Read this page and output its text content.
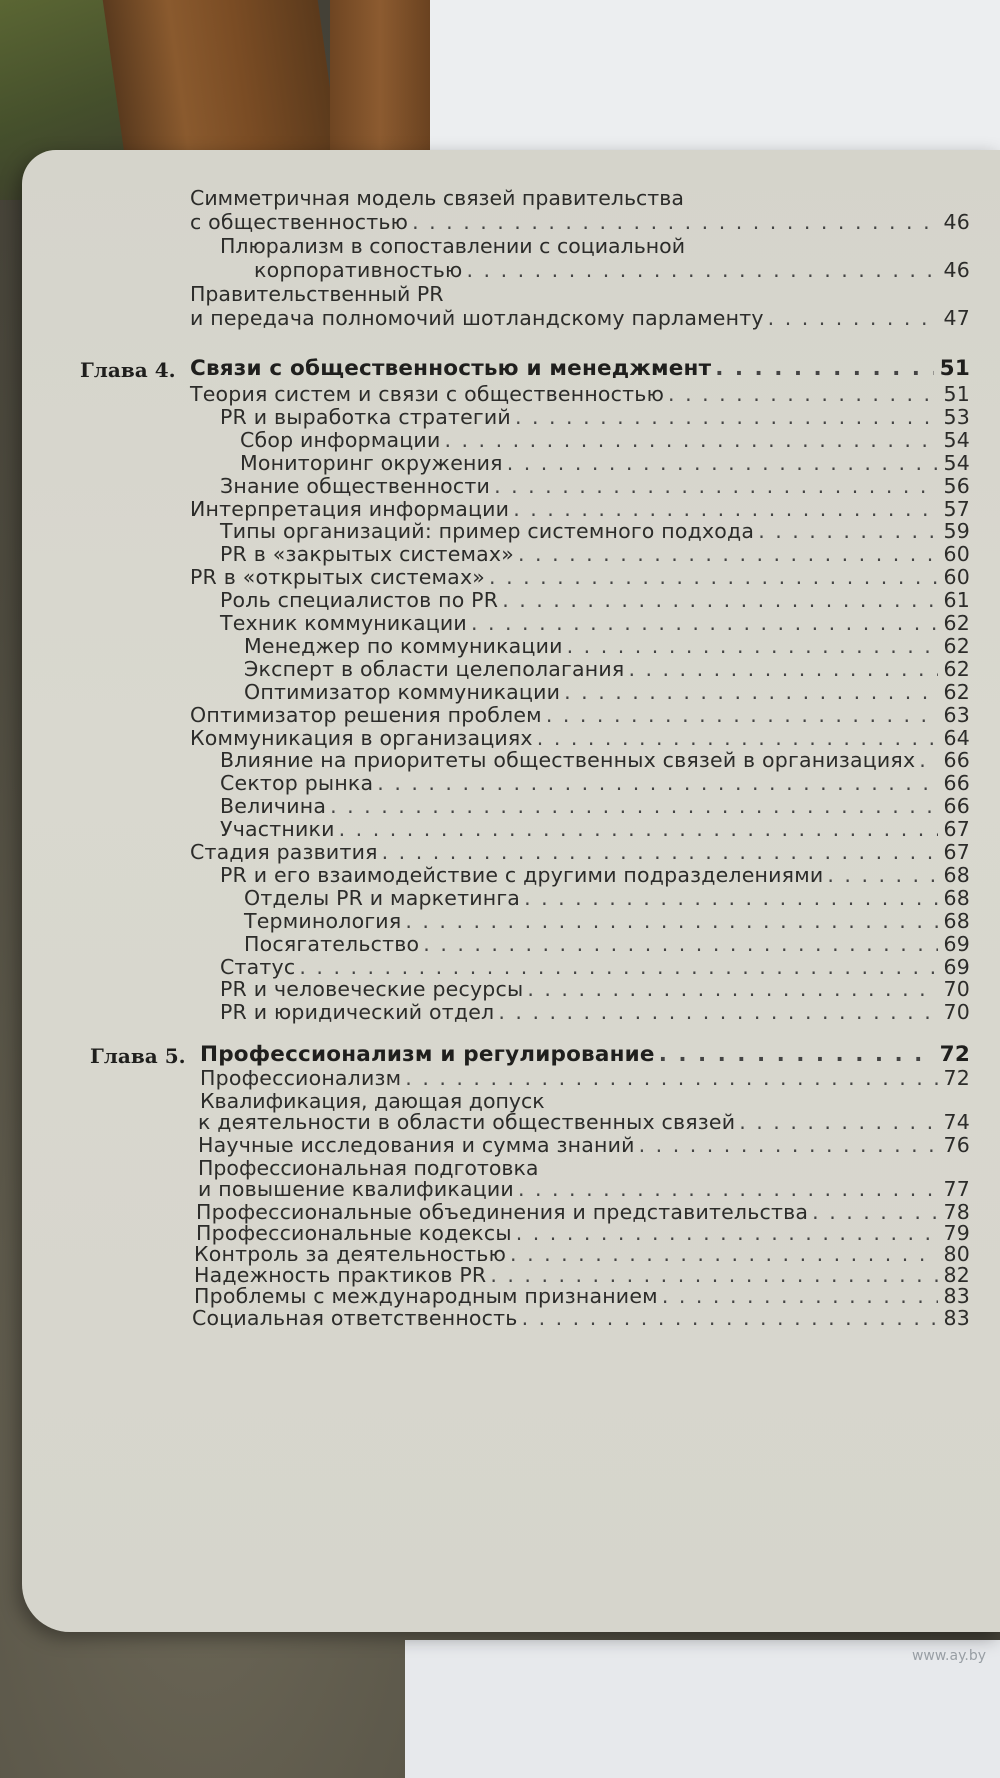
www.ay.by
Симметричная модель связей правительства
с общественностью . . .	46
Плюрализм в сопоставлении с социальной
корпоративностью . . .	46
Правительственный PR
и передача полномочий шотландскому парламенту . . .	47
Глава 4. Связи с общественностью и менеджмент . . .	51
Теория систем и связи с общественностью . . .	51
PR и выработка стратегий . . .	53
Сбор информации . . .	54
Мониторинг окружения . . .	54
Знание общественности . . .	56
Интерпретация информации . . .	57
Типы организаций: пример системного подхода . . .	59
PR в «закрытых системах» . . .	60
PR в «открытых системах» . . .	60
Роль специалистов по PR . . .	61
Техник коммуникации . . .	62
Менеджер по коммуникации . . .	62
Эксперт в области целеполагания . . .	62
Оптимизатор коммуникации . . .	62
Оптимизатор решения проблем . . .	63
Коммуникация в организациях . . .	64
Влияние на приоритеты общественных связей в организациях . . . 66
Сектор рынка . . .	66
Величина . . .	66
Участники . . .	67
Стадия развития . . .	67
PR и его взаимодействие с другими подразделениями . . .	68
Отделы PR и маркетинга . . .	68
Терминология . . .	68
Посягательство . . .	69
Статус . . .	69
PR и человеческие ресурсы . . .	70
PR и юридический отдел . . .	70
Глава 5. Профессионализм и регулирование . . .	72
Профессионализм . . .	72
Квалификация, дающая допуск
к деятельности в области общественных связей . . .	74
Научные исследования и сумма знаний . . .	76
Профессиональная подготовка
и повышение квалификации . . .	77
Профессиональные объединения и представительства . . .	78
Профессиональные кодексы . . .	79
Контроль за деятельностью . . .	80
Надежность практиков PR . . .	82
Проблемы с международным признанием . . .	83
Социальная ответственность . . .	83
